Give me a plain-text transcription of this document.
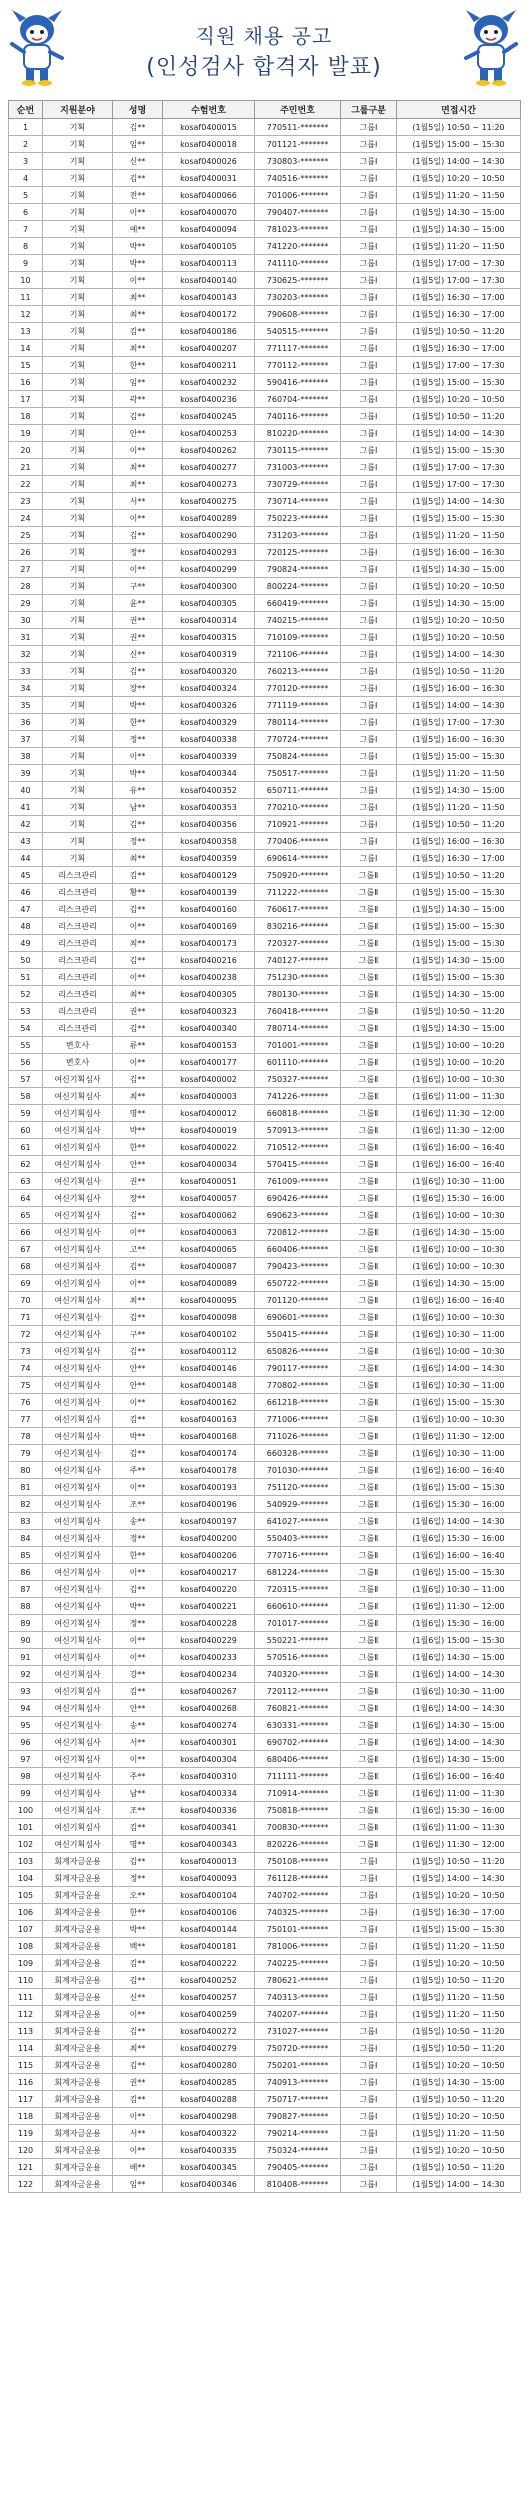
직원 채용 공고
(인성검사 합격자 발표)
순번	지원분야	성명	수험번호	주민번호	그룹구분	면접시간
1	기획	김**	kosaf0400015	770511-*******	그룹Ⅰ	(1월5일) 10:50 ~ 11:20
2	기획	임**	kosaf0400018	701121-*******	그룹Ⅰ	(1월5일) 15:00 ~ 15:30
3	기획	신**	kosaf0400026	730803-*******	그룹Ⅰ	(1월5일) 14:00 ~ 14:30
4	기획	김**	kosaf0400031	740516-*******	그룹Ⅰ	(1월5일) 10:20 ~ 10:50
5	기획	전**	kosaf0400066	701006-*******	그룹Ⅰ	(1월5일) 11:20 ~ 11:50
6	기획	이**	kosaf0400070	790407-*******	그룹Ⅰ	(1월5일) 14:30 ~ 15:00
7	기획	예**	kosaf0400094	781023-*******	그룹Ⅰ	(1월5일) 14:30 ~ 15:00
8	기획	박**	kosaf0400105	741220-*******	그룹Ⅰ	(1월5일) 11:20 ~ 11:50
9	기획	박**	kosaf0400113	741110-*******	그룹Ⅰ	(1월5일) 17:00 ~ 17:30
10	기획	이**	kosaf0400140	730625-*******	그룹Ⅰ	(1월5일) 17:00 ~ 17:30
11	기획	최**	kosaf0400143	730203-*******	그룹Ⅰ	(1월5일) 16:30 ~ 17:00
12	기획	최**	kosaf0400172	790608-*******	그룹Ⅰ	(1월5일) 16:30 ~ 17:00
13	기획	김**	kosaf0400186	540515-*******	그룹Ⅰ	(1월5일) 10:50 ~ 11:20
14	기획	최**	kosaf0400207	771117-*******	그룹Ⅰ	(1월5일) 16:30 ~ 17:00
15	기획	한**	kosaf0400211	770112-*******	그룹Ⅰ	(1월5일) 17:00 ~ 17:30
16	기획	임**	kosaf0400232	590416-*******	그룹Ⅰ	(1월5일) 15:00 ~ 15:30
17	기획	곽**	kosaf0400236	760704-*******	그룹Ⅰ	(1월5일) 10:20 ~ 10:50
18	기획	김**	kosaf0400245	740116-*******	그룹Ⅰ	(1월5일) 10:50 ~ 11:20
19	기획	안**	kosaf0400253	810220-*******	그룹Ⅰ	(1월5일) 14:00 ~ 14:30
20	기획	이**	kosaf0400262	730115-*******	그룹Ⅰ	(1월5일) 15:00 ~ 15:30
21	기획	최**	kosaf0400277	731003-*******	그룹Ⅰ	(1월5일) 17:00 ~ 17:30
22	기획	최**	kosaf0400273	730729-*******	그룹Ⅰ	(1월5일) 17:00 ~ 17:30
23	기획	서**	kosaf0400275	730714-*******	그룹Ⅰ	(1월5일) 14:00 ~ 14:30
24	기획	이**	kosaf0400289	750223-*******	그룹Ⅰ	(1월5일) 15:00 ~ 15:30
25	기획	김**	kosaf0400290	731203-*******	그룹Ⅰ	(1월5일) 11:20 ~ 11:50
26	기획	정**	kosaf0400293	720125-*******	그룹Ⅰ	(1월5일) 16:00 ~ 16:30
27	기획	이**	kosaf0400299	790824-*******	그룹Ⅰ	(1월5일) 14:30 ~ 15:00
28	기획	구**	kosaf0400300	800224-*******	그룹Ⅰ	(1월5일) 10:20 ~ 10:50
29	기획	윤**	kosaf0400305	660419-*******	그룹Ⅰ	(1월5일) 14:30 ~ 15:00
30	기획	권**	kosaf0400314	740215-*******	그룹Ⅰ	(1월5일) 10:20 ~ 10:50
31	기획	권**	kosaf0400315	710109-*******	그룹Ⅰ	(1월5일) 10:20 ~ 10:50
32	기획	신**	kosaf0400319	721106-*******	그룹Ⅰ	(1월5일) 14:00 ~ 14:30
33	기획	김**	kosaf0400320	760213-*******	그룹Ⅰ	(1월5일) 10:50 ~ 11:20
34	기획	장**	kosaf0400324	770120-*******	그룹Ⅰ	(1월5일) 16:00 ~ 16:30
35	기획	박**	kosaf0400326	771119-*******	그룹Ⅰ	(1월5일) 14:00 ~ 14:30
36	기획	한**	kosaf0400329	780114-*******	그룹Ⅰ	(1월5일) 17:00 ~ 17:30
37	기획	정**	kosaf0400338	770724-*******	그룹Ⅰ	(1월5일) 16:00 ~ 16:30
38	기획	이**	kosaf0400339	750824-*******	그룹Ⅰ	(1월5일) 15:00 ~ 15:30
39	기획	박**	kosaf0400344	750517-*******	그룹Ⅰ	(1월5일) 11:20 ~ 11:50
40	기획	유**	kosaf0400352	650711-*******	그룹Ⅰ	(1월5일) 14:30 ~ 15:00
41	기획	남**	kosaf0400353	770210-*******	그룹Ⅰ	(1월5일) 11:20 ~ 11:50
42	기획	김**	kosaf0400356	710921-*******	그룹Ⅰ	(1월5일) 10:50 ~ 11:20
43	기획	정**	kosaf0400358	770406-*******	그룹Ⅰ	(1월5일) 16:00 ~ 16:30
44	기획	최**	kosaf0400359	690614-*******	그룹Ⅰ	(1월5일) 16:30 ~ 17:00
45	리스크관리	김**	kosaf0400129	750920-*******	그룹Ⅱ	(1월5일) 10:50 ~ 11:20
46	리스크관리	황**	kosaf0400139	711222-*******	그룹Ⅱ	(1월5일) 15:00 ~ 15:30
47	리스크관리	김**	kosaf0400160	760617-*******	그룹Ⅱ	(1월5일) 14:30 ~ 15:00
48	리스크관리	이**	kosaf0400169	830216-*******	그룹Ⅱ	(1월5일) 15:00 ~ 15:30
49	리스크관리	최**	kosaf0400173	720327-*******	그룹Ⅱ	(1월5일) 15:00 ~ 15:30
50	리스크관리	김**	kosaf0400216	740127-*******	그룹Ⅱ	(1월5일) 14:30 ~ 15:00
51	리스크관리	이**	kosaf0400238	751230-*******	그룹Ⅱ	(1월5일) 15:00 ~ 15:30
52	리스크관리	최**	kosaf0400305	780130-*******	그룹Ⅱ	(1월5일) 14:30 ~ 15:00
53	리스크관리	권**	kosaf0400323	760418-*******	그룹Ⅱ	(1월5일) 10:50 ~ 11:20
54	리스크관리	김**	kosaf0400340	780714-*******	그룹Ⅱ	(1월5일) 14:30 ~ 15:00
55	변호사	류**	kosaf0400153	701001-*******	그룹Ⅱ	(1월5일) 10:00 ~ 10:20
56	변호사	이**	kosaf0400177	601110-*******	그룹Ⅱ	(1월5일) 10:00 ~ 10:20
57	여신기획심사	김**	kosaf0400002	750327-*******	그룹Ⅱ	(1월6일) 10:00 ~ 10:30
58	여신기획심사	최**	kosaf0400003	741226-*******	그룹Ⅱ	(1월6일) 11:00 ~ 11:30
59	여신기획심사	명**	kosaf0400012	660818-*******	그룹Ⅱ	(1월6일) 11:30 ~ 12:00
60	여신기획심사	박**	kosaf0400019	570913-*******	그룹Ⅱ	(1월6일) 11:30 ~ 12:00
61	여신기획심사	한**	kosaf0400022	710512-*******	그룹Ⅱ	(1월6일) 16:00 ~ 16:40
62	여신기획심사	안**	kosaf0400034	570415-*******	그룹Ⅱ	(1월6일) 16:00 ~ 16:40
63	여신기획심사	권**	kosaf0400051	761009-*******	그룹Ⅱ	(1월6일) 10:30 ~ 11:00
64	여신기획심사	장**	kosaf0400057	690426-*******	그룹Ⅱ	(1월6일) 15:30 ~ 16:00
65	여신기획심사	김**	kosaf0400062	690623-*******	그룹Ⅱ	(1월6일) 10:00 ~ 10:30
66	여신기획심사	이**	kosaf0400063	720812-*******	그룹Ⅱ	(1월6일) 14:30 ~ 15:00
67	여신기획심사	고**	kosaf0400065	660406-*******	그룹Ⅱ	(1월6일) 10:00 ~ 10:30
68	여신기획심사	김**	kosaf0400087	790423-*******	그룹Ⅱ	(1월6일) 10:00 ~ 10:30
69	여신기획심사	이**	kosaf0400089	650722-*******	그룹Ⅱ	(1월6일) 14:30 ~ 15:00
70	여신기획심사	최**	kosaf0400095	701120-*******	그룹Ⅱ	(1월6일) 16:00 ~ 16:40
71	여신기획심사	김**	kosaf0400098	690601-*******	그룹Ⅱ	(1월6일) 10:00 ~ 10:30
72	여신기획심사	구**	kosaf0400102	550415-*******	그룹Ⅱ	(1월6일) 10:30 ~ 11:00
73	여신기획심사	김**	kosaf0400112	650826-*******	그룹Ⅱ	(1월6일) 10:00 ~ 10:30
74	여신기획심사	안**	kosaf0400146	790117-*******	그룹Ⅱ	(1월6일) 14:00 ~ 14:30
75	여신기획심사	안**	kosaf0400148	770802-*******	그룹Ⅱ	(1월6일) 10:30 ~ 11:00
76	여신기획심사	이**	kosaf0400162	661218-*******	그룹Ⅱ	(1월6일) 15:00 ~ 15:30
77	여신기획심사	김**	kosaf0400163	771006-*******	그룹Ⅱ	(1월6일) 10:00 ~ 10:30
78	여신기획심사	박**	kosaf0400168	711026-*******	그룹Ⅱ	(1월6일) 11:30 ~ 12:00
79	여신기획심사	김**	kosaf0400174	660328-*******	그룹Ⅱ	(1월6일) 10:30 ~ 11:00
80	여신기획심사	주**	kosaf0400178	701030-*******	그룹Ⅱ	(1월6일) 16:00 ~ 16:40
81	여신기획심사	이**	kosaf0400193	751120-*******	그룹Ⅱ	(1월6일) 15:00 ~ 15:30
82	여신기획심사	조**	kosaf0400196	540929-*******	그룹Ⅱ	(1월6일) 15:30 ~ 16:00
83	여신기획심사	송**	kosaf0400197	641027-*******	그룹Ⅱ	(1월6일) 14:00 ~ 14:30
84	여신기획심사	정**	kosaf0400200	550403-*******	그룹Ⅱ	(1월6일) 15:30 ~ 16:00
85	여신기획심사	한**	kosaf0400206	770716-*******	그룹Ⅱ	(1월6일) 16:00 ~ 16:40
86	여신기획심사	이**	kosaf0400217	681224-*******	그룹Ⅱ	(1월6일) 15:00 ~ 15:30
87	여신기획심사	김**	kosaf0400220	720315-*******	그룹Ⅱ	(1월6일) 10:30 ~ 11:00
88	여신기획심사	박**	kosaf0400221	660610-*******	그룹Ⅱ	(1월6일) 11:30 ~ 12:00
89	여신기획심사	정**	kosaf0400228	701017-*******	그룹Ⅱ	(1월6일) 15:30 ~ 16:00
90	여신기획심사	이**	kosaf0400229	550221-*******	그룹Ⅱ	(1월6일) 15:00 ~ 15:30
91	여신기획심사	이**	kosaf0400233	570516-*******	그룹Ⅱ	(1월6일) 14:30 ~ 15:00
92	여신기획심사	강**	kosaf0400234	740320-*******	그룹Ⅱ	(1월6일) 14:00 ~ 14:30
93	여신기획심사	김**	kosaf0400267	720112-*******	그룹Ⅱ	(1월6일) 10:30 ~ 11:00
94	여신기획심사	안**	kosaf0400268	760821-*******	그룹Ⅱ	(1월6일) 14:00 ~ 14:30
95	여신기획심사	송**	kosaf0400274	630331-*******	그룹Ⅱ	(1월6일) 14:30 ~ 15:00
96	여신기획심사	서**	kosaf0400301	690702-*******	그룹Ⅱ	(1월6일) 14:00 ~ 14:30
97	여신기획심사	이**	kosaf0400304	680406-*******	그룹Ⅱ	(1월6일) 14:30 ~ 15:00
98	여신기획심사	주**	kosaf0400310	711111-*******	그룹Ⅱ	(1월6일) 16:00 ~ 16:40
99	여신기획심사	남**	kosaf0400334	710914-*******	그룹Ⅱ	(1월6일) 11:00 ~ 11:30
100	여신기획심사	조**	kosaf0400336	750818-*******	그룹Ⅱ	(1월6일) 15:30 ~ 16:00
101	여신기획심사	김**	kosaf0400341	700830-*******	그룹Ⅱ	(1월6일) 11:00 ~ 11:30
102	여신기획심사	명**	kosaf0400343	820226-*******	그룹Ⅱ	(1월6일) 11:30 ~ 12:00
103	회계자금운용	김**	kosaf0400013	750108-*******	그룹Ⅰ	(1월5일) 10:50 ~ 11:20
104	회계자금운용	정**	kosaf0400093	761128-*******	그룹Ⅰ	(1월5일) 14:00 ~ 14:30
105	회계자금운용	오**	kosaf0400104	740702-*******	그룹Ⅰ	(1월5일) 10:20 ~ 10:50
106	회계자금운용	한**	kosaf0400106	740325-*******	그룹Ⅰ	(1월5일) 16:30 ~ 17:00
107	회계자금운용	박**	kosaf0400144	750101-*******	그룹Ⅰ	(1월5일) 15:00 ~ 15:30
108	회계자금운용	백**	kosaf0400181	781006-*******	그룹Ⅰ	(1월5일) 11:20 ~ 11:50
109	회계자금운용	김**	kosaf0400222	740225-*******	그룹Ⅰ	(1월5일) 10:20 ~ 10:50
110	회계자금운용	김**	kosaf0400252	780621-*******	그룹Ⅰ	(1월5일) 10:50 ~ 11:20
111	회계자금운용	신**	kosaf0400257	740313-*******	그룹Ⅰ	(1월5일) 11:20 ~ 11:50
112	회계자금운용	이**	kosaf0400259	740207-*******	그룹Ⅰ	(1월5일) 11:20 ~ 11:50
113	회계자금운용	김**	kosaf0400272	731027-*******	그룹Ⅰ	(1월5일) 10:50 ~ 11:20
114	회계자금운용	최**	kosaf0400279	750720-*******	그룹Ⅰ	(1월5일) 10:50 ~ 11:20
115	회계자금운용	김**	kosaf0400280	750201-*******	그룹Ⅰ	(1월5일) 10:20 ~ 10:50
116	회계자금운용	권**	kosaf0400285	740913-*******	그룹Ⅰ	(1월5일) 14:30 ~ 15:00
117	회계자금운용	김**	kosaf0400288	750717-*******	그룹Ⅰ	(1월5일) 10:50 ~ 11:20
118	회계자금운용	이**	kosaf0400298	790827-*******	그룹Ⅰ	(1월5일) 10:20 ~ 10:50
119	회계자금운용	서**	kosaf0400322	790214-*******	그룹Ⅰ	(1월5일) 11:20 ~ 11:50
120	회계자금운용	이**	kosaf0400335	750324-*******	그룹Ⅰ	(1월5일) 10:20 ~ 10:50
121	회계자금운용	배**	kosaf0400345	790405-*******	그룹Ⅰ	(1월5일) 10:50 ~ 11:20
122	회계자금운용	임**	kosaf0400346	810408-*******	그룹Ⅰ	(1월5일) 14:00 ~ 14:30
